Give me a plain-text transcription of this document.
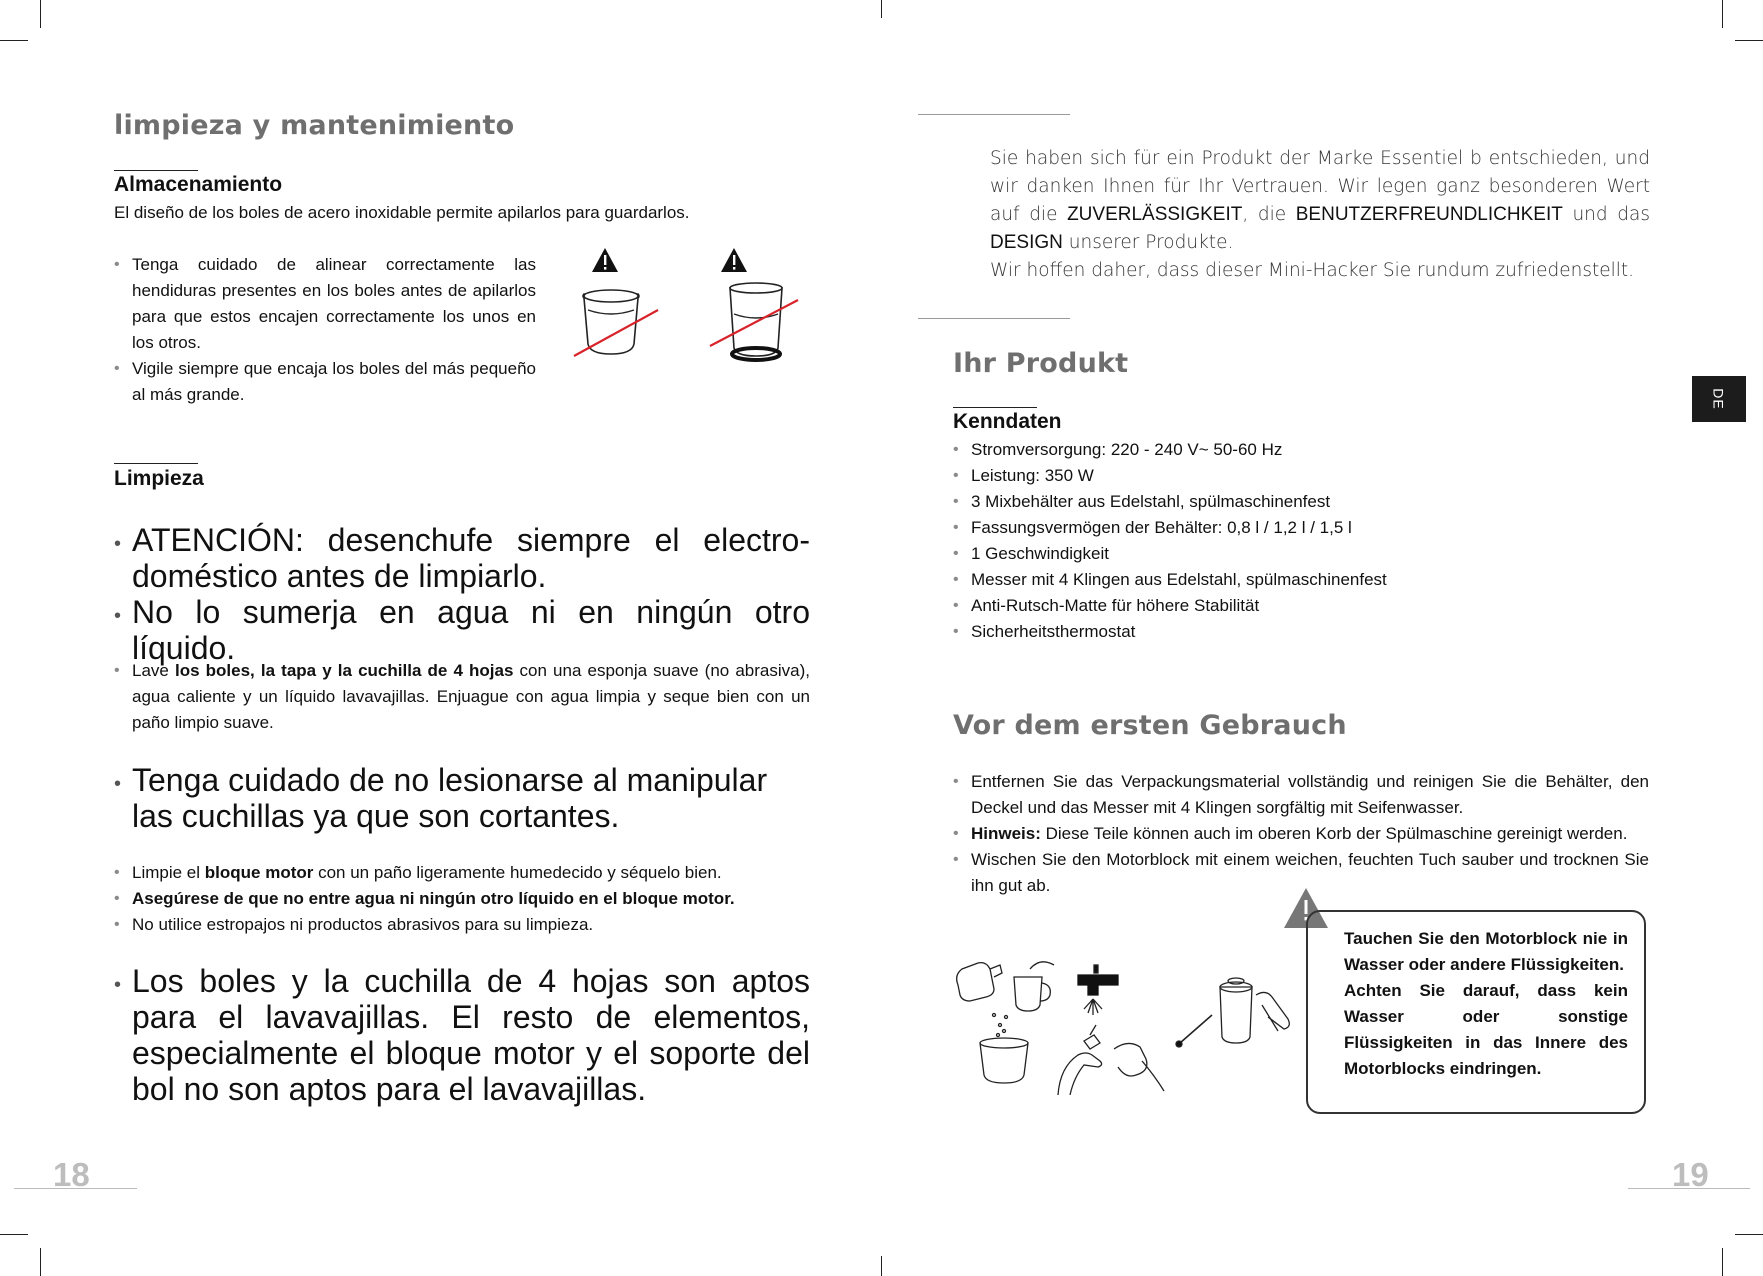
limpieza y mantenimiento
Almacenamiento

El diseño de los boles de acero inoxidable permite apilarlos para guardarlos.

• Tenga cuidado de alinear correctamente las hendiduras presentes en los boles antes de apilarlos para que estos encajen correctamente los unos en los otros.
• Vigile siempre que encaja los boles del más pequeño al más grande.
Limpieza
• ATENCIÓN: desenchufe siempre el electro-doméstico antes de limpiarlo.
• No lo sumerja en agua ni en ningún otro líquido.
• Lave los boles, la tapa y la cuchilla de 4 hojas con una esponja suave (no abrasiva), agua caliente y un líquido lavavajillas. Enjuague con agua limpia y seque bien con un paño limpio suave.
• Tenga cuidado de no lesionarse al manipular las cuchillas ya que son cortantes.
• Limpie el bloque motor con un paño ligeramente humedecido y séquelo bien.
• Asegúrese de que no entre agua ni ningún otro líquido en el bloque motor.
• No utilice estropajos ni productos abrasivos para su limpieza.
• Los boles y la cuchilla de 4 hojas son aptos para el lavavajillas. El resto de elementos, especialmente el bloque motor y el soporte del bol no son aptos para el lavavajillas.
18

Sie haben sich für ein Produkt der Marke Essentiel b entschieden, und wir danken Ihnen für Ihr Vertrauen. Wir legen ganz besonderen Wert auf die ZUVERLÄSSIGKEIT, die BENUTZERFREUNDLICHKEIT und das DESIGN unserer Produkte.
Wir hoffen daher, dass dieser Mini-Hacker Sie rundum zufriedenstellt.

DE
Ihr Produkt
Kenndaten
• Stromversorgung: 220 - 240 V~ 50-60 Hz
• Leistung: 350 W
• 3 Mixbehälter aus Edelstahl, spülmaschinenfest
• Fassungsvermögen der Behälter: 0,8 l / 1,2 l / 1,5 l
• 1 Geschwindigkeit
• Messer mit 4 Klingen aus Edelstahl, spülmaschinenfest
• Anti-Rutsch-Matte für höhere Stabilität
• Sicherheitsthermostat
Vor dem ersten Gebrauch
• Entfernen Sie das Verpackungsmaterial vollständig und reinigen Sie die Behälter, den Deckel und das Messer mit 4 Klingen sorgfältig mit Seifenwasser.
• Hinweis: Diese Teile können auch im oberen Korb der Spülmaschine gereinigt werden.
• Wischen Sie den Motorblock mit einem weichen, feuchten Tuch sauber und trocknen Sie ihn gut ab.

Tauchen Sie den Motorblock nie in Wasser oder andere Flüssigkeiten.

Achten Sie darauf, dass kein Wasser oder sonstige Flüssigkeiten in das Innere des Motorblocks eindringen.

19
